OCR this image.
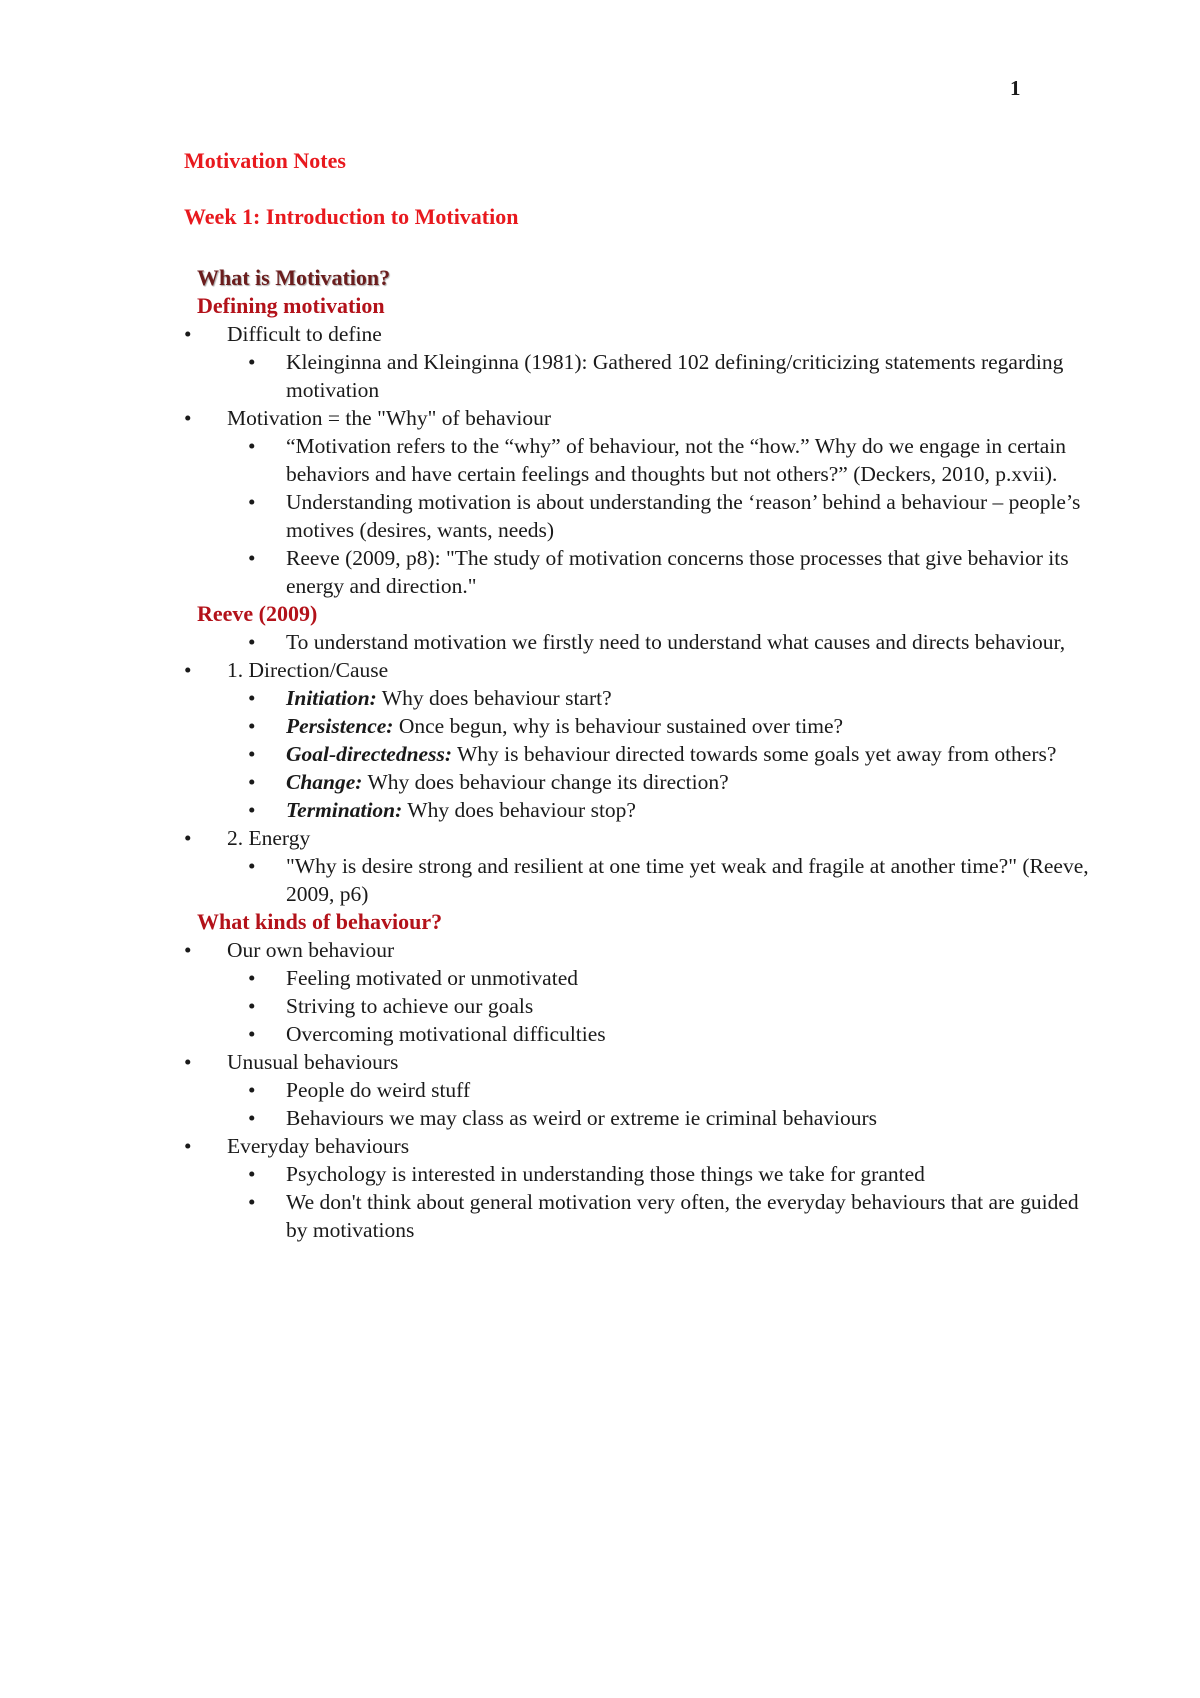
1
Motivation Notes
Week 1: Introduction to Motivation
What is Motivation?
Defining motivation
• Difficult to define
• Kleinginna and Kleinginna (1981): Gathered 102 defining/criticizing statements regarding motivation
• Motivation = the "Why" of behaviour
• “Motivation refers to the “why” of behaviour, not the “how.” Why do we engage in certain behaviors and have certain feelings and thoughts but not others?” (Deckers, 2010, p.xvii).
• Understanding motivation is about understanding the ‘reason’ behind a behaviour – people’s motives (desires, wants, needs)
• Reeve (2009, p8): "The study of motivation concerns those processes that give behavior its energy and direction."
Reeve (2009)
• To understand motivation we firstly need to understand what causes and directs behaviour,
• 1. Direction/Cause
• Initiation: Why does behaviour start?
• Persistence: Once begun, why is behaviour sustained over time?
• Goal-directedness: Why is behaviour directed towards some goals yet away from others?
• Change: Why does behaviour change its direction?
• Termination: Why does behaviour stop?
• 2. Energy
• "Why is desire strong and resilient at one time yet weak and fragile at another time?" (Reeve, 2009, p6)
What kinds of behaviour?
• Our own behaviour
• Feeling motivated or unmotivated
• Striving to achieve our goals
• Overcoming motivational difficulties
• Unusual behaviours
• People do weird stuff
• Behaviours we may class as weird or extreme ie criminal behaviours
• Everyday behaviours
• Psychology is interested in understanding those things we take for granted
• We don't think about general motivation very often, the everyday behaviours that are guided by motivations
